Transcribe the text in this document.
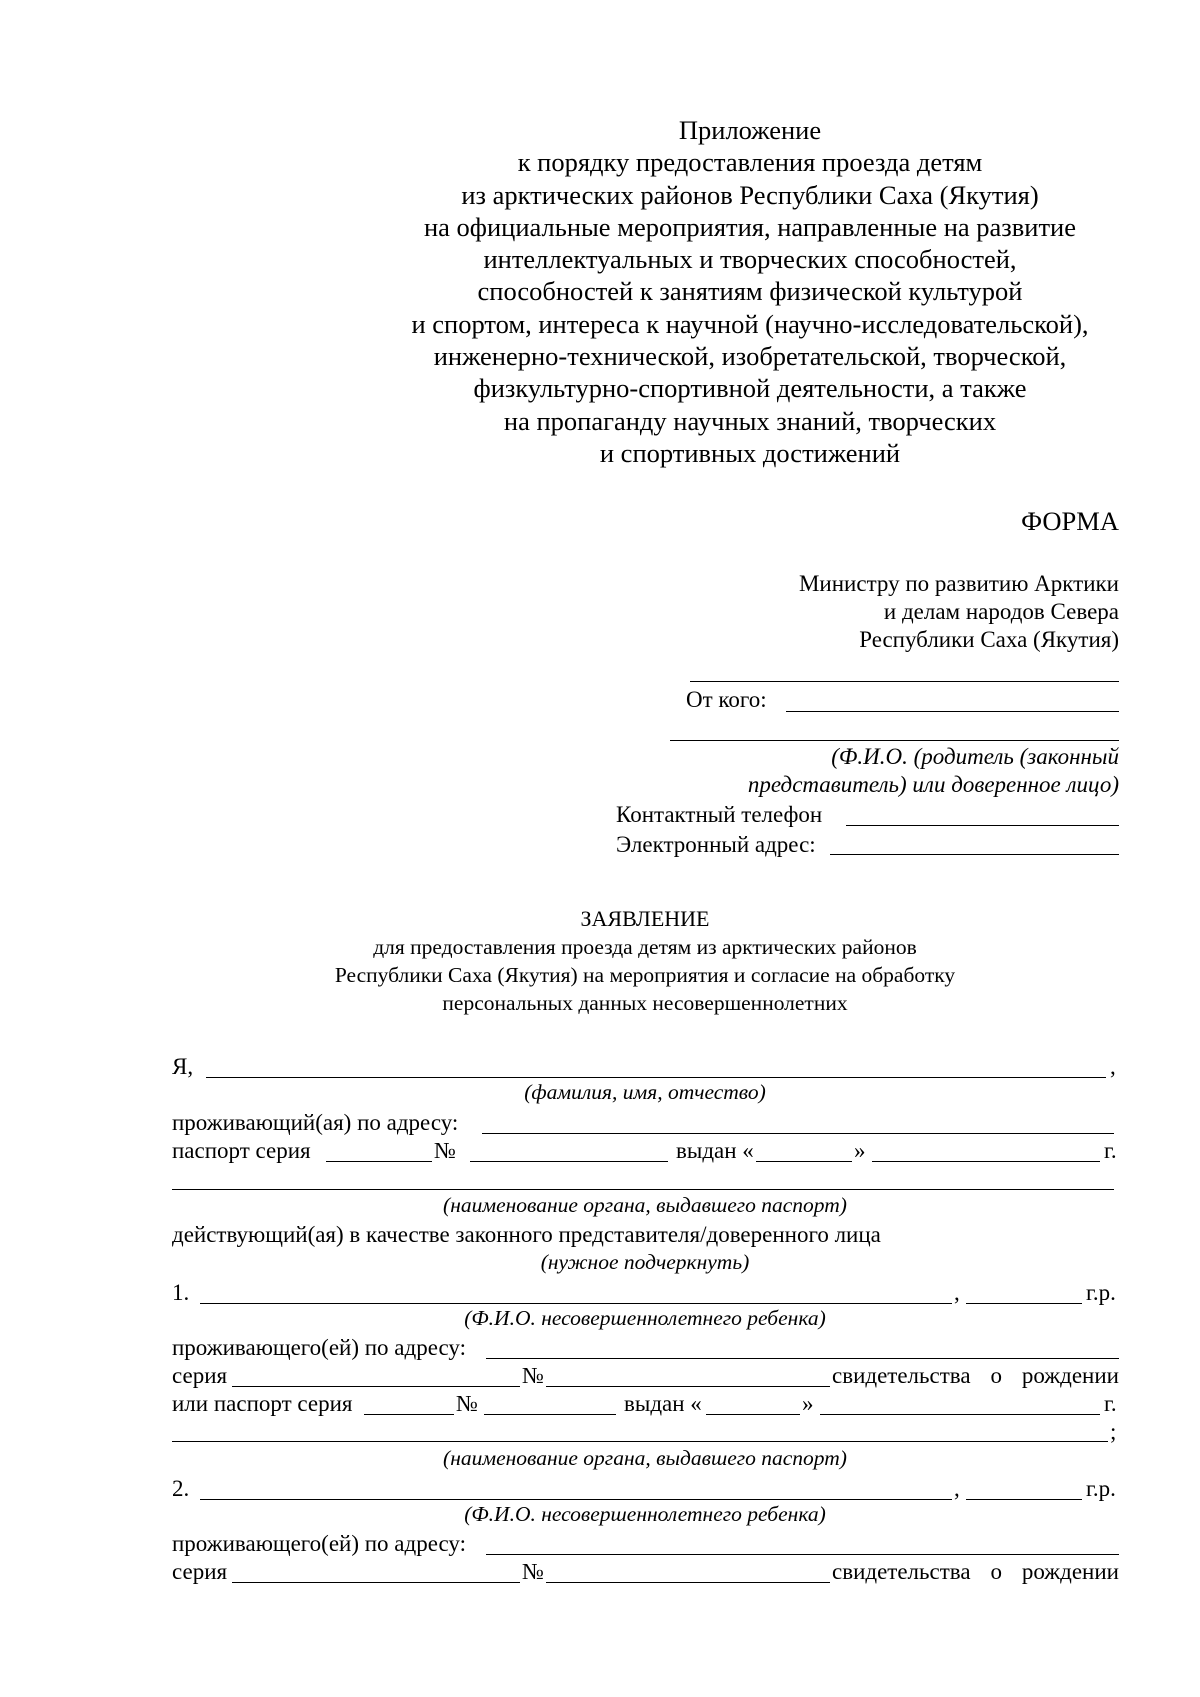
Приложение
к порядку предоставления проезда детям
из арктических районов Республики Саха (Якутия)
на официальные мероприятия, направленные на развитие
интеллектуальных и творческих способностей,
способностей к занятиям физической культурой
и спортом, интереса к научной (научно-исследовательской),
инженерно-технической, изобретательской, творческой,
физкультурно-спортивной деятельности, а также
на пропаганду научных знаний, творческих
и спортивных достижений
ФОРМА
Министру по развитию Арктики
и делам народов Севера
Республики Саха (Якутия)
От кого:
(Ф.И.О. (родитель (законный
представитель) или доверенное лицо)
Контактный телефон
Электронный адрес:
ЗАЯВЛЕНИЕ
для предоставления проезда детям из арктических районов
Республики Саха (Якутия) на мероприятия и согласие на обработку
персональных данных несовершеннолетних
Я,	,
(фамилия, имя, отчество)
проживающий(ая) по адресу:
паспорт серия	№	выдан «	»	г.
(наименование органа, выдавшего паспорт)
действующий(ая) в качестве законного представителя/доверенного лица
(нужное подчеркнуть)
1.	,	г.р.
(Ф.И.О. несовершеннолетнего ребенка)
проживающего(ей) по адресу:
серия	№	свидетельства о рождении
или паспорт серия	№	выдан «	»	г.
;
(наименование органа, выдавшего паспорт)
2.	,	г.р.
(Ф.И.О. несовершеннолетнего ребенка)
проживающего(ей) по адресу:
серия	№	свидетельства о рождении
